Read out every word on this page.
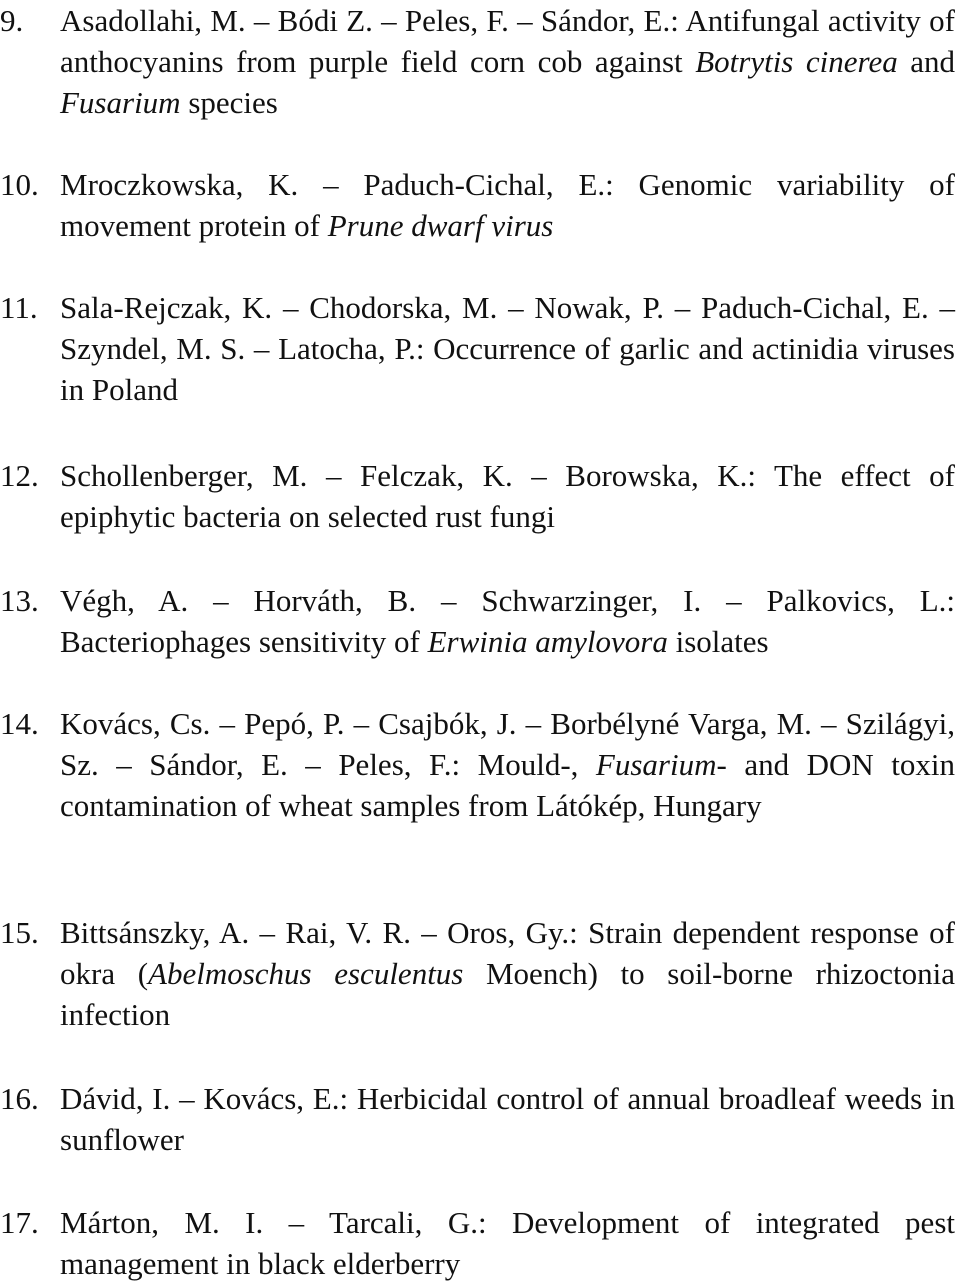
9. Asadollahi, M. – Bódi Z. – Peles, F. – Sándor, E.: Antifungal activity of anthocyanins from purple field corn cob against Botrytis cinerea and Fusarium species
10. Mroczkowska, K. – Paduch-Cichal, E.: Genomic variability of movement protein of Prune dwarf virus
11. Sala-Rejczak, K. – Chodorska, M. – Nowak, P. – Paduch-Cichal, E. – Szyndel, M. S. – Latocha, P.: Occurrence of garlic and actinidia viruses in Poland
12. Schollenberger, M. – Felczak, K. – Borowska, K.: The effect of epiphytic bacteria on selected rust fungi
13. Végh, A. – Horváth, B. – Schwarzinger, I. – Palkovics, L.: Bacteriophages sensitivity of Erwinia amylovora isolates
14. Kovács, Cs. – Pepó, P. – Csajbók, J. – Borbélyné Varga, M. – Szilágyi, Sz. – Sándor, E. – Peles, F.: Mould-, Fusarium- and DON toxin contamination of wheat samples from Látókép, Hungary
15. Bittsánszky, A. – Rai, V. R. – Oros, Gy.: Strain dependent response of okra (Abelmoschus esculentus Moench) to soil-borne rhizoctonia infection
16. Dávid, I. – Kovács, E.: Herbicidal control of annual broadleaf weeds in sunflower
17. Márton, M. I. – Tarcali, G.: Development of integrated pest management in black elderberry
